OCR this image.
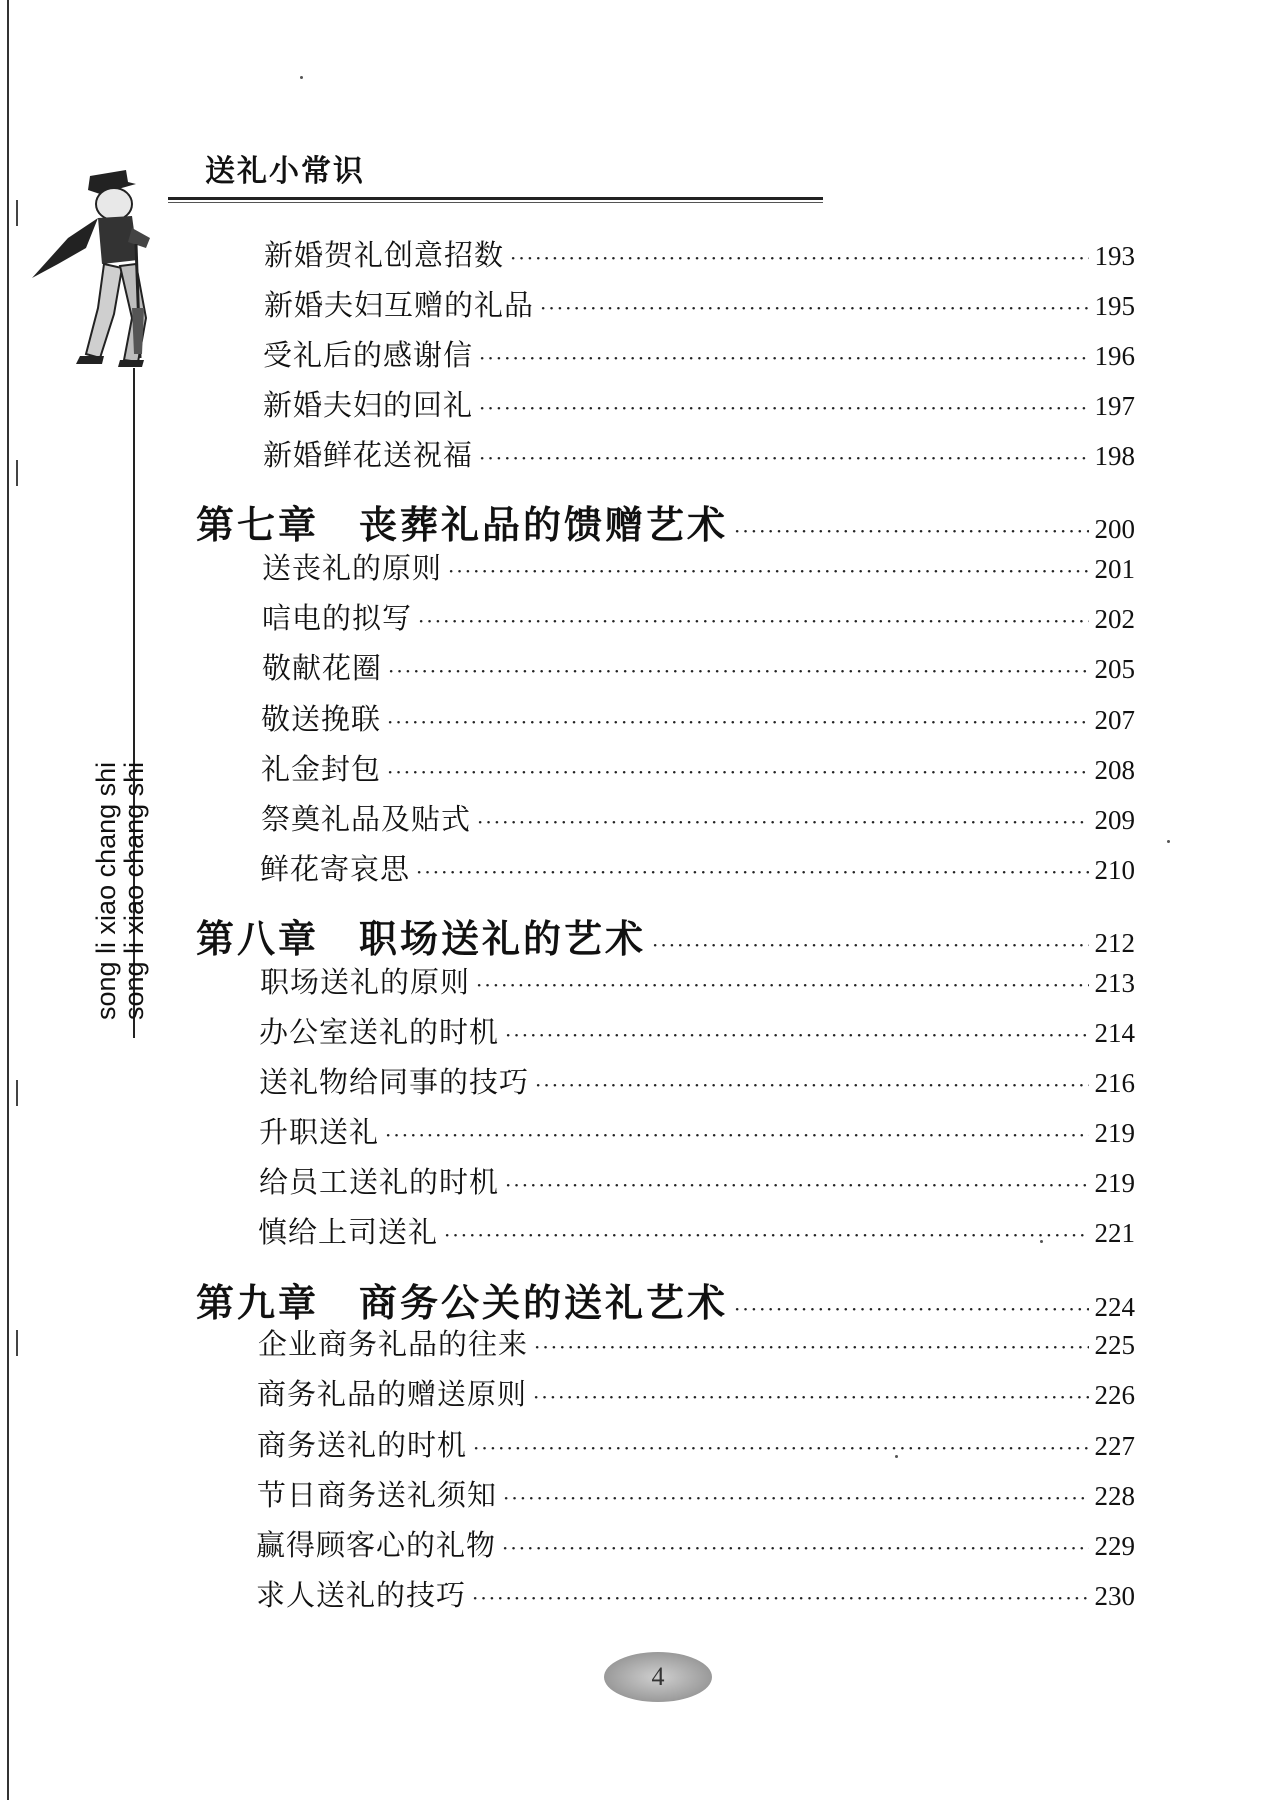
送礼小常识
song li xiao chang shi
song li xiao chang shi
新婚贺礼创意招数 ·····	193
新婚夫妇互赠的礼品 ·····	195
受礼后的感谢信 ·····	196
新婚夫妇的回礼 ·····	197
新婚鲜花送祝福 ·····	198
第七章 丧葬礼品的馈赠艺术 ·····	200
送丧礼的原则 ·····	201
唁电的拟写 ·····	202
敬献花圈 ·····	205
敬送挽联 ·····	207
礼金封包 ·····	208
祭奠礼品及贴式 ·····	209
鲜花寄哀思 ·····	210
第八章 职场送礼的艺术 ·····	212
职场送礼的原则 ·····	213
办公室送礼的时机 ·····	214
送礼物给同事的技巧 ·····	216
升职送礼 ·····	219
给员工送礼的时机 ·····	219
慎给上司送礼 ·····	221
第九章 商务公关的送礼艺术 ·····	224
企业商务礼品的往来 ·····	225
商务礼品的赠送原则 ·····	226
商务送礼的时机 ·····	227
节日商务送礼须知 ·····	228
赢得顾客心的礼物 ·····	229
求人送礼的技巧 ·····	230
4
